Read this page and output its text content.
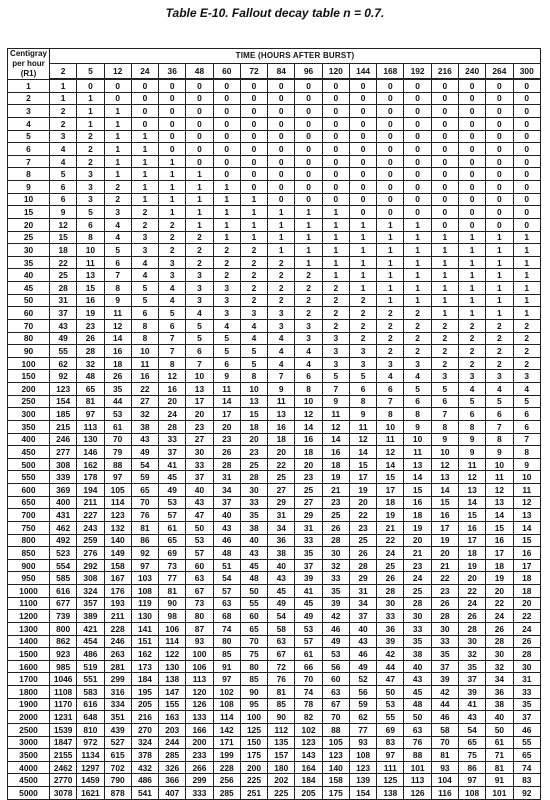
Table E-10. Fallout decay table n = 0.7.
Centigray
per hour
(R1)	TIME (HOURS AFTER BURST)																	
	2	5	12	24	36	48	60	72	84	96	120	144	168	192	216	240	264	300

1	1	0	0	0	0	0	0	0	0	0	0	0	0	0	0	0	0	0
2	1	1	0	0	0	0	0	0	0	0	0	0	0	0	0	0	0	0
3	2	1	1	0	0	0	0	0	0	0	0	0	0	0	0	0	0	0
4	2	1	1	0	0	0	0	0	0	0	0	0	0	0	0	0	0	0
5	3	2	1	1	0	0	0	0	0	0	0	0	0	0	0	0	0	0
6	4	2	1	1	0	0	0	0	0	0	0	0	0	0	0	0	0	0
7	4	2	1	1	1	0	0	0	0	0	0	0	0	0	0	0	0	0
8	5	3	1	1	1	1	0	0	0	0	0	0	0	0	0	0	0	0
9	6	3	2	1	1	1	1	0	0	0	0	0	0	0	0	0	0	0
10	6	3	2	1	1	1	1	1	0	0	0	0	0	0	0	0	0	0
15	9	5	3	2	1	1	1	1	1	1	1	0	0	0	0	0	0	0
20	12	6	4	2	2	1	1	1	1	1	1	1	1	1	0	0	0	0
25	15	8	4	3	2	2	1	1	1	1	1	1	1	1	1	1	1	1
30	18	10	5	3	2	2	2	2	1	1	1	1	1	1	1	1	1	1
35	22	11	6	4	3	2	2	2	2	1	1	1	1	1	1	1	1	1
40	25	13	7	4	3	3	2	2	2	2	1	1	1	1	1	1	1	1
45	28	15	8	5	4	3	3	2	2	2	2	1	1	1	1	1	1	1
50	31	16	9	5	4	3	3	2	2	2	2	2	1	1	1	1	1	1
60	37	19	11	6	5	4	3	3	3	2	2	2	2	2	1	1	1	1
70	43	23	12	8	6	5	4	4	3	3	2	2	2	2	2	2	2	2
80	49	26	14	8	7	5	5	4	4	3	3	2	2	2	2	2	2	2
90	55	28	16	10	7	6	5	5	4	4	3	3	2	2	2	2	2	2
100	62	32	18	11	8	7	6	5	4	4	3	3	3	3	2	2	2	2
150	92	48	26	16	12	10	9	8	7	6	5	5	4	4	3	3	3	3
200	123	65	35	22	16	13	11	10	9	8	7	6	6	5	5	4	4	4
250	154	81	44	27	20	17	14	13	11	10	9	8	7	6	6	5	5	5
300	185	97	53	32	24	20	17	15	13	12	11	9	8	8	7	6	6	6
350	215	113	61	38	28	23	20	18	16	14	12	11	10	9	8	8	7	6
400	246	130	70	43	33	27	23	20	18	16	14	12	11	10	9	9	8	7
450	277	146	79	49	37	30	26	23	20	18	16	14	12	11	10	9	9	8
500	308	162	88	54	41	33	28	25	22	20	18	15	14	13	12	11	10	9
550	339	178	97	59	45	37	31	28	25	23	19	17	15	14	13	12	11	10
600	369	194	105	65	49	40	34	30	27	25	21	19	17	15	14	13	12	11
650	400	211	114	70	53	43	37	33	29	27	23	20	18	16	15	14	13	12
700	431	227	123	76	57	47	40	35	31	29	25	22	19	18	16	15	14	13
750	462	243	132	81	61	50	43	38	34	31	26	23	21	19	17	16	15	14
800	492	259	140	86	65	53	46	40	36	33	28	25	22	20	19	17	16	15
850	523	276	149	92	69	57	48	43	38	35	30	26	24	21	20	18	17	16
900	554	292	158	97	73	60	51	45	40	37	32	28	25	23	21	19	18	17
950	585	308	167	103	77	63	54	48	43	39	33	29	26	24	22	20	19	18
1000	616	324	176	108	81	67	57	50	45	41	35	31	28	25	23	22	20	18
1100	677	357	193	119	90	73	63	55	49	45	39	34	30	28	26	24	22	20
1200	739	389	211	130	98	80	68	60	54	49	42	37	33	30	28	26	24	22
1300	800	421	228	141	106	87	74	65	58	53	46	40	36	33	30	28	26	24
1400	862	454	246	151	114	93	80	70	63	57	49	43	39	35	33	30	28	26
1500	923	486	263	162	122	100	85	75	67	61	53	46	42	38	35	32	30	28
1600	985	519	281	173	130	106	91	80	72	66	56	49	44	40	37	35	32	30
1700	1046	551	299	184	138	113	97	85	76	70	60	52	47	43	39	37	34	31
1800	1108	583	316	195	147	120	102	90	81	74	63	56	50	45	42	39	36	33
1900	1170	616	334	205	155	126	108	95	85	78	67	59	53	48	44	41	38	35
2000	1231	648	351	216	163	133	114	100	90	82	70	62	55	50	46	43	40	37
2500	1539	810	439	270	203	166	142	125	112	102	88	77	69	63	58	54	50	46
3000	1847	972	527	324	244	200	171	150	135	123	105	93	83	76	70	65	61	55
3500	2155	1134	615	378	285	233	199	175	157	143	123	108	97	88	81	75	71	65
4000	2462	1297	702	432	326	266	228	200	180	164	140	123	111	101	93	86	81	74
4500	2770	1459	790	486	366	299	256	225	202	184	158	139	125	113	104	97	91	83
5000	3078	1621	878	541	407	333	285	251	225	205	175	154	138	126	116	108	101	92
